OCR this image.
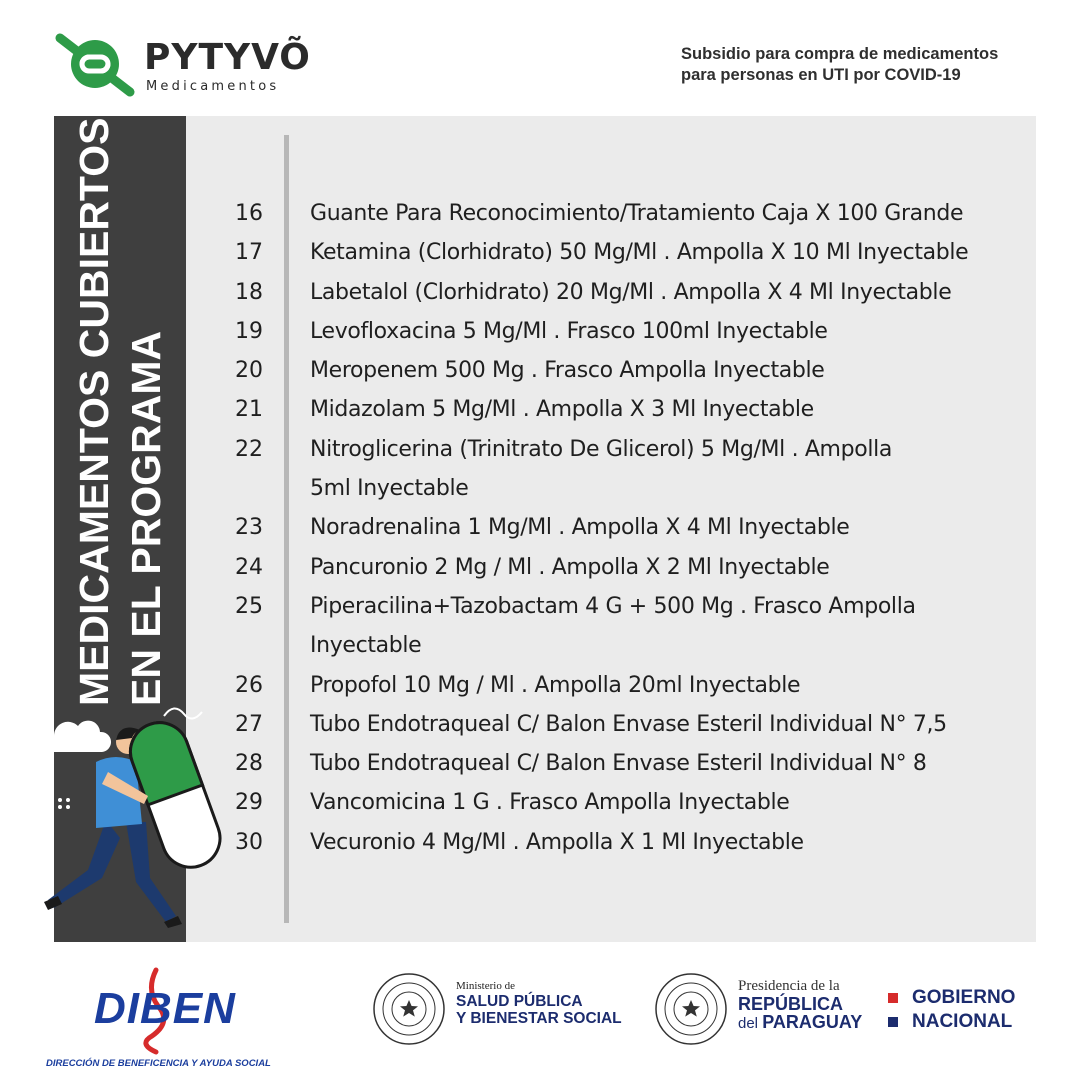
PYTYVÕ
Medicamentos
Subsidio para compra de medicamentos
para personas en UTI por COVID-19
MEDICAMENTOS CUBIERTOS EN EL PROGRAMA
16 Guante Para Reconocimiento/Tratamiento Caja X 100 Grande
17 Ketamina (Clorhidrato) 50 Mg/Ml . Ampolla X 10 Ml Inyectable
18 Labetalol (Clorhidrato) 20 Mg/Ml . Ampolla X 4 Ml Inyectable
19 Levofloxacina 5 Mg/Ml . Frasco 100ml Inyectable
20 Meropenem 500 Mg . Frasco Ampolla Inyectable
21 Midazolam 5 Mg/Ml . Ampolla X 3 Ml Inyectable
22 Nitroglicerina (Trinitrato De Glicerol) 5 Mg/Ml . Ampolla
5ml Inyectable
23 Noradrenalina 1 Mg/Ml . Ampolla X 4 Ml Inyectable
24 Pancuronio 2 Mg / Ml . Ampolla X 2 Ml Inyectable
25 Piperacilina+Tazobactam 4 G + 500 Mg . Frasco Ampolla
Inyectable
26 Propofol 10 Mg / Ml . Ampolla 20ml Inyectable
27 Tubo Endotraqueal C/ Balon Envase Esteril Individual N° 7,5
28 Tubo Endotraqueal C/ Balon Envase Esteril Individual N° 8
29 Vancomicina 1 G . Frasco Ampolla Inyectable
30 Vecuronio 4 Mg/Ml . Ampolla X 1 Ml Inyectable
DIBEN
DIRECCIÓN DE BENEFICENCIA Y AYUDA SOCIAL
Ministerio de
SALUD PÚBLICA
Y BIENESTAR SOCIAL
Presidencia de la
REPÚBLICA
del PARAGUAY
GOBIERNO
NACIONAL
